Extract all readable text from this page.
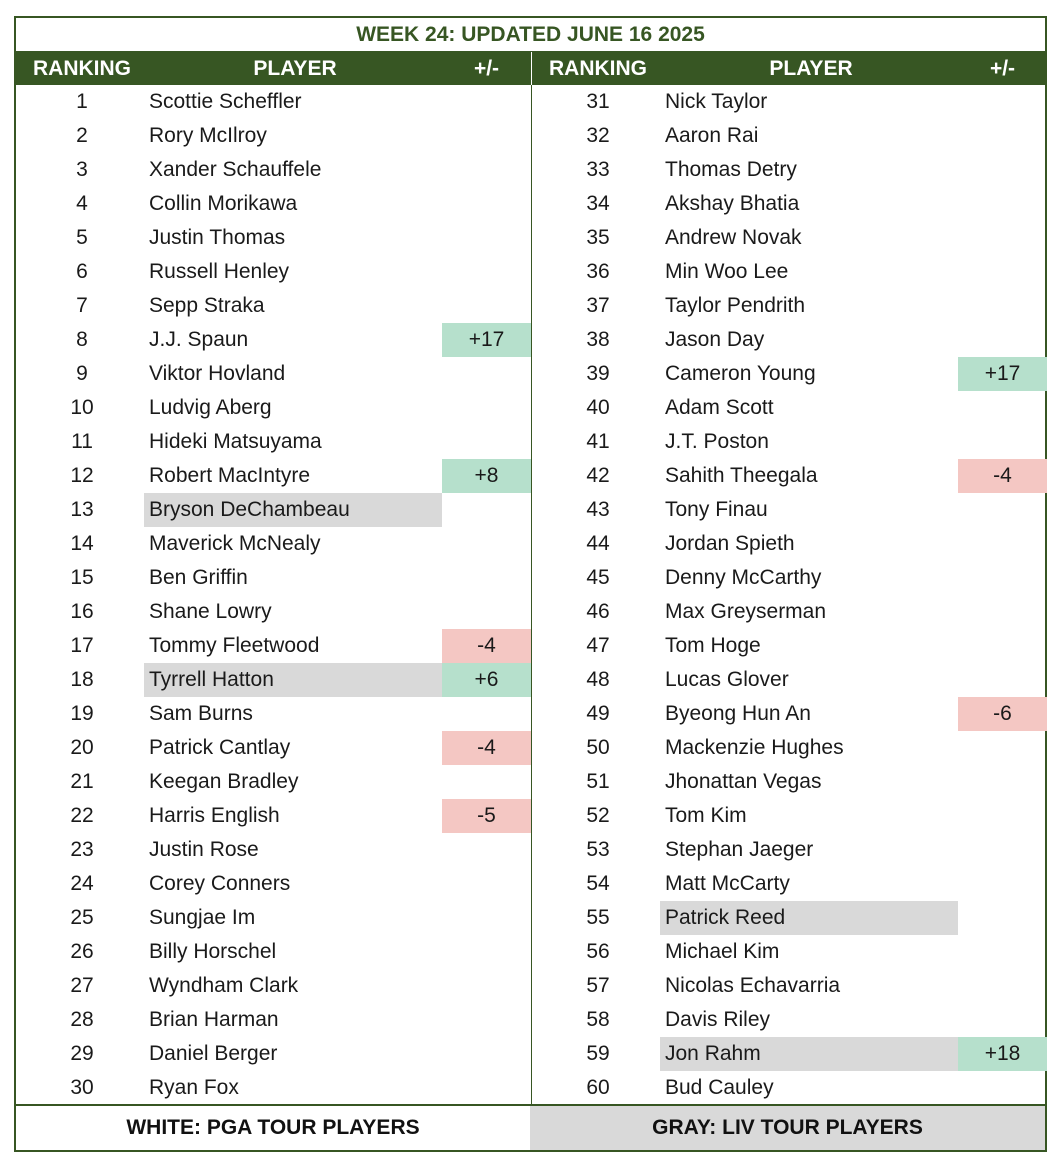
WEEK 24: UPDATED JUNE 16 2025
RANKING	PLAYER	+/-	RANKING	PLAYER	+/-
1	Scottie Scheffler
2	Rory McIlroy
3	Xander Schauffele
4	Collin Morikawa
5	Justin Thomas
6	Russell Henley
7	Sepp Straka
8	J.J. Spaun	+17
9	Viktor Hovland
10	Ludvig Aberg
11	Hideki Matsuyama
12	Robert MacIntyre	+8
13	Bryson DeChambeau
14	Maverick McNealy
15	Ben Griffin
16	Shane Lowry
17	Tommy Fleetwood	-4
18	Tyrrell Hatton	+6
19	Sam Burns
20	Patrick Cantlay	-4
21	Keegan Bradley
22	Harris English	-5
23	Justin Rose
24	Corey Conners
25	Sungjae Im
26	Billy Horschel
27	Wyndham Clark
28	Brian Harman
29	Daniel Berger
30	Ryan Fox
31	Nick Taylor
32	Aaron Rai
33	Thomas Detry
34	Akshay Bhatia
35	Andrew Novak
36	Min Woo Lee
37	Taylor Pendrith
38	Jason Day
39	Cameron Young	+17
40	Adam Scott
41	J.T. Poston
42	Sahith Theegala	-4
43	Tony Finau
44	Jordan Spieth
45	Denny McCarthy
46	Max Greyserman
47	Tom Hoge
48	Lucas Glover
49	Byeong Hun An	-6
50	Mackenzie Hughes
51	Jhonattan Vegas
52	Tom Kim
53	Stephan Jaeger
54	Matt McCarty
55	Patrick Reed
56	Michael Kim
57	Nicolas Echavarria
58	Davis Riley
59	Jon Rahm	+18
60	Bud Cauley
WHITE: PGA TOUR PLAYERS	GRAY: LIV TOUR PLAYERS
